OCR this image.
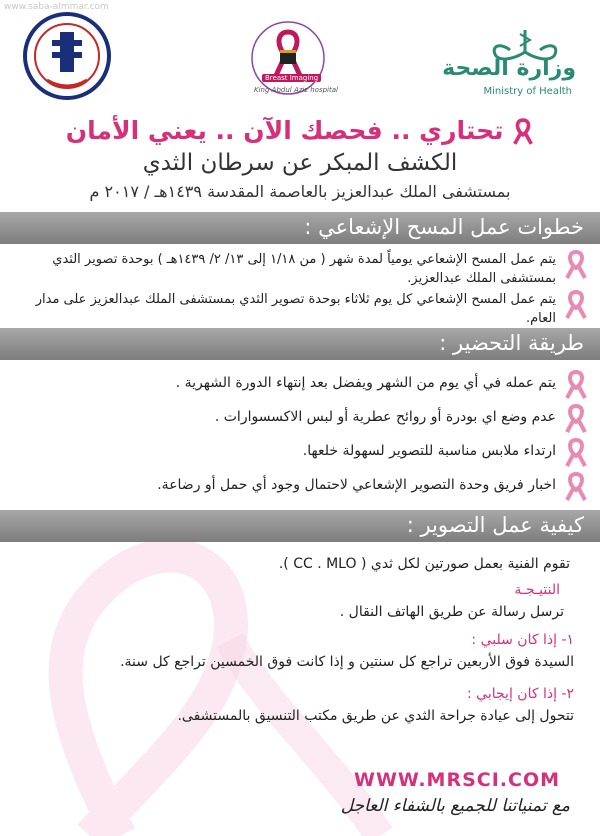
www.saba-almmar.com
Breast Imaging
King Abdul Aziz hospital
وزارة الصحة
Ministry of Health
تحتاري .. فحصك الآن .. يعني الأمان
الكشف المبكر عن سرطان الثدي
بمستشفى الملك عبدالعزيز بالعاصمة المقدسة ١٤٣٩هـ / ٢٠١٧ م
خطوات عمل المسح الإشعاعي :
يتم عمل المسح الإشعاعي يومياً لمدة شهر ( من ١/١٨ إلى ١٣/ ٢/ ١٤٣٩هـ ) بوحدة تصوير الثدي بمستشفى الملك عبدالعزيز.
يتم عمل المسح الإشعاعي كل يوم ثلاثاء بوحدة تصوير الثدي بمستشفى الملك عبدالعزيز على مدار العام.
طريقة التحضير :
يتم عمله في أي يوم من الشهر ويفضل بعد إنتهاء الدورة الشهرية .
عدم وضع اي بودرة أو روائح عطرية أو لبس الاكسسوارات .
ارتداء ملابس مناسبة للتصوير لسهولة خلعها.
اخبار فريق وحدة التصوير الإشعاعي لاحتمال وجود أي حمل أو رضاعة.
كيفية عمل التصوير :
تقوم الفنية بعمل صورتين لكل ثدي ( CC . MLO ).
النتيـجـة
ترسل رسالة عن طريق الهاتف النقال .
١- إذا كان سلبي :
السيدة فوق الأربعين تراجع كل سنتين و إذا كانت فوق الخمسين تراجع كل سنة.
٢- إذا كان إيجابي :
تتحول إلى عيادة جراحة الثدي عن طريق مكتب التنسيق بالمستشفى.
WWW.MRSCI.COM
مع تمنياتنا للجميع بالشفاء العاجل
